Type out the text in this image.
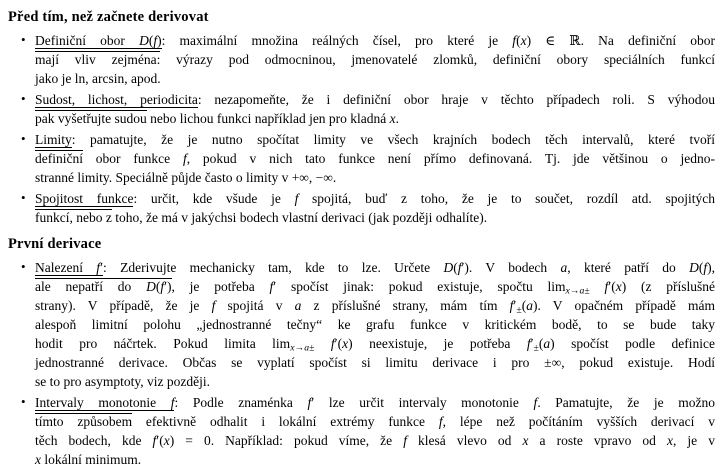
Před tím, než začnete derivovat
• Definiční obor D(f): maximální množina reálných čísel, pro které je f(x) ∈ ℝ. Na definiční obor
mají vliv zejména: výrazy pod odmocninou, jmenovatelé zlomků, definiční obory speciálních funkcí
jako je ln, arcsin, apod.
• Sudost, lichost, periodicita: nezapomeňte, že i definiční obor hraje v těchto případech roli. S výhodou
pak vyšetřujte sudou nebo lichou funkci například jen pro kladná x.
• Limity: pamatujte, že je nutno spočítat limity ve všech krajních bodech těch intervalů, které tvoří
definiční obor funkce f, pokud v nich tato funkce není přímo definovaná. Tj. jde většinou o jedno-
stranné limity. Speciálně půjde často o limity v +∞, −∞.
• Spojitost funkce: určit, kde všude je f spojitá, buď z toho, že je to součet, rozdíl atd. spojitých
funkcí, nebo z toho, že má v jakýchsi bodech vlastní derivaci (jak později odhalíte).
První derivace
• Nalezení f′: Zderivujte mechanicky tam, kde to lze. Určete D(f′). V bodech a, které patří do D(f),
ale nepatří do D(f′), je potřeba f′ spočíst jinak: pokud existuje, spočtu $\lim_{x\to a\pm} f'(x)$ (z příslušné
strany). V případě, že je f spojitá v a z příslušné strany, mám tím $f'_\pm(a)$. V opačném případě mám
alespoň limitní polohu „jednostranné tečny“ ke grafu funkce v kritickém bodě, to se bude taky
hodit pro náčrtek. Pokud limita $\lim_{x\to a\pm} f'(x)$ neexistuje, je potřeba $f'_\pm(a)$ spočíst podle definice
jednostranné derivace. Občas se vyplatí spočíst si limitu derivace i pro ±∞, pokud existuje. Hodí
se to pro asymptoty, viz později.
• Intervaly monotonie f: Podle znaménka f′ lze určit intervaly monotonie f. Pamatujte, že je možno
tímto způsobem efektivně odhalit i lokální extrémy funkce f, lépe než počítáním vyšších derivací v
těch bodech, kde f′(x) = 0. Například: pokud víme, že f klesá vlevo od x a roste vpravo od x, je v
x lokální minimum.
